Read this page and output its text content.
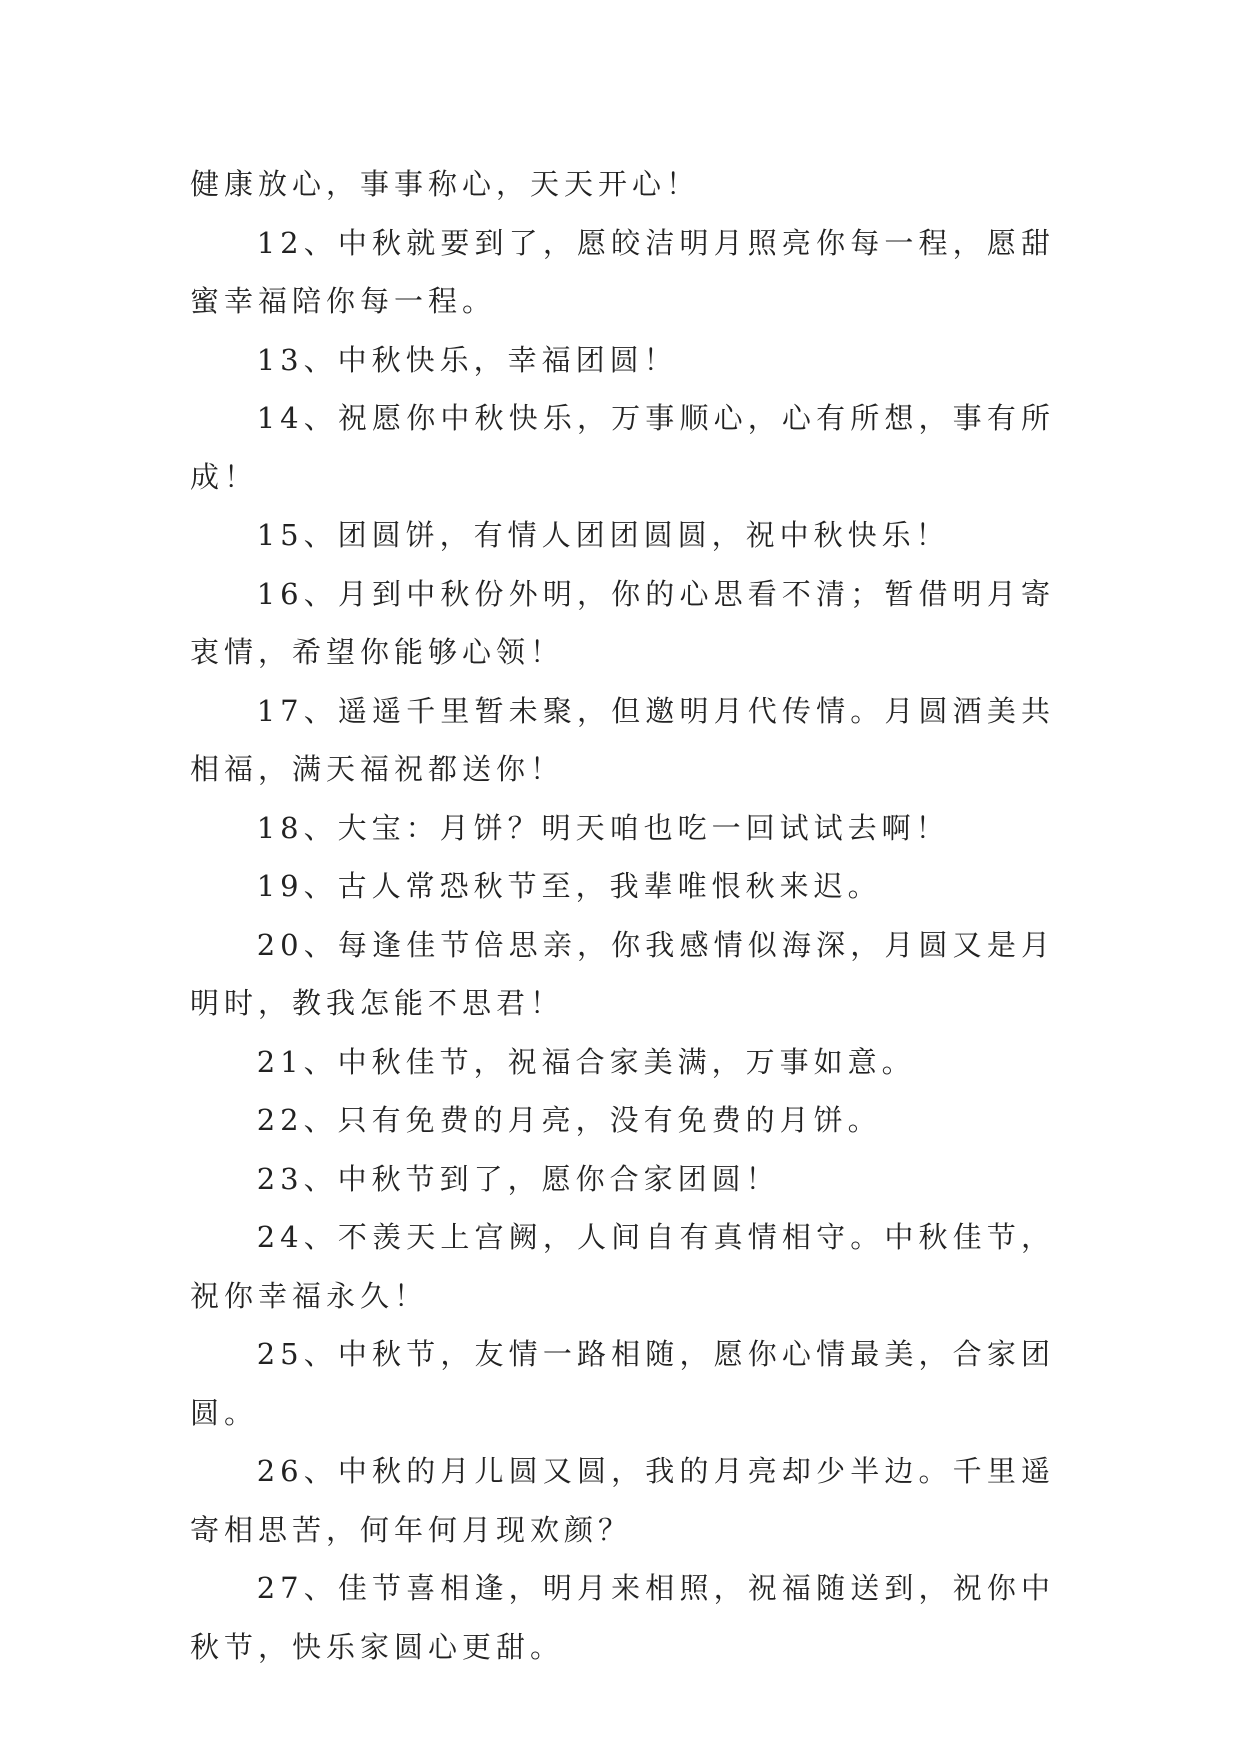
健康放心，事事称心，天天开心！

12、中秋就要到了，愿皎洁明月照亮你每一程，愿甜蜜幸福陪你每一程。

13、中秋快乐，幸福团圆！

14、祝愿你中秋快乐，万事顺心，心有所想，事有所成！

15、团圆饼，有情人团团圆圆，祝中秋快乐！

16、月到中秋份外明，你的心思看不清；暂借明月寄衷情，希望你能够心领！

17、遥遥千里暂未聚，但邀明月代传情。月圆酒美共相福，满天福祝都送你！

18、大宝：月饼？明天咱也吃一回试试去啊！

19、古人常恐秋节至，我辈唯恨秋来迟。

20、每逢佳节倍思亲，你我感情似海深，月圆又是月明时，教我怎能不思君！

21、中秋佳节，祝福合家美满，万事如意。

22、只有免费的月亮，没有免费的月饼。

23、中秋节到了，愿你合家团圆！

24、不羡天上宫阙，人间自有真情相守。中秋佳节，祝你幸福永久！

25、中秋节，友情一路相随，愿你心情最美，合家团圆。

26、中秋的月儿圆又圆，我的月亮却少半边。千里遥寄相思苦，何年何月现欢颜？

27、佳节喜相逢，明月来相照，祝福随送到，祝你中秋节，快乐家圆心更甜。
